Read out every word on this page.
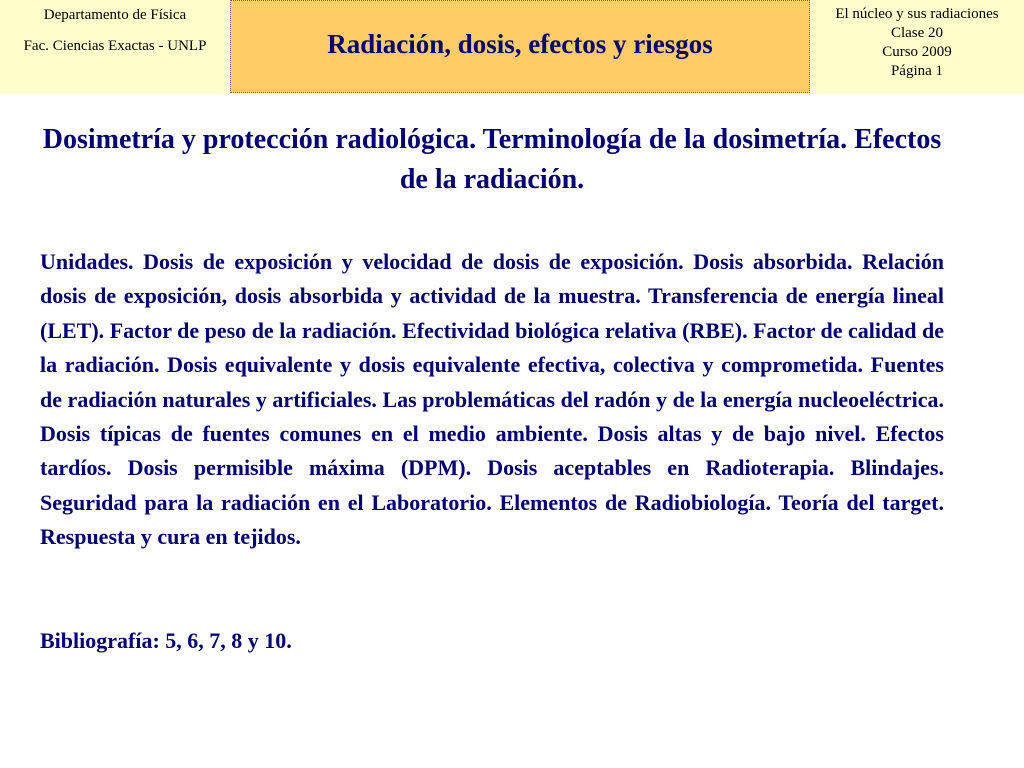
Departamento de Física
Fac. Ciencias Exactas - UNLP	Radiación, dosis, efectos y riesgos
El núcleo y sus radiaciones
Clase 20
Curso 2009
Página 1
Dosimetría y protección radiológica. Terminología de la dosimetría. Efectos de la radiación.

Unidades. Dosis de exposición y velocidad de dosis de exposición. Dosis absorbida. Relación dosis de exposición, dosis absorbida y actividad de la muestra. Transferencia de energía lineal (LET). Factor de peso de la radiación. Efectividad biológica relativa (RBE). Factor de calidad de la radiación. Dosis equivalente y dosis equivalente efectiva, colectiva y comprometida. Fuentes de radiación naturales y artificiales. Las problemáticas del radón y de la energía nucleoeléctrica. Dosis típicas de fuentes comunes en el medio ambiente. Dosis altas y de bajo nivel. Efectos tardíos. Dosis permisible máxima (DPM). Dosis aceptables en Radioterapia. Blindajes. Seguridad para la radiación en el Laboratorio. Elementos de Radiobiología. Teoría del target. Respuesta y cura en tejidos.

Bibliografía: 5, 6, 7, 8 y 10.
